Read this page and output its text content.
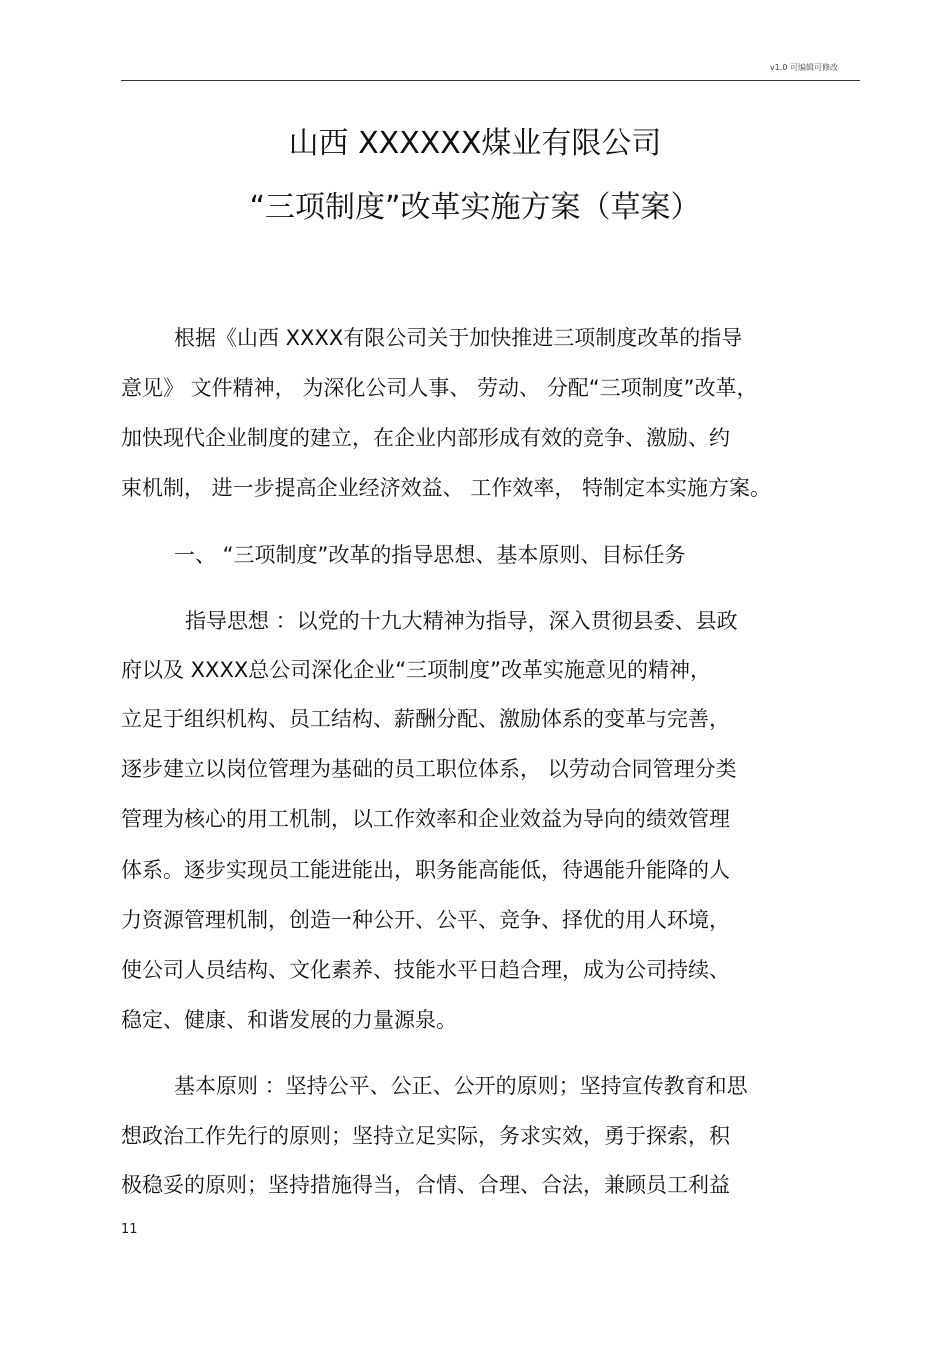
v1.0 可编辑可修改
山西 XXXXXX煤业有限公司
“三项制度”改革实施方案（草案）
根据《山西 XXXX有限公司关于加快推进三项制度改革的指导
意见》 文件精神， 为深化公司人事、 劳动、 分配“三项制度”改革，
加快现代企业制度的建立，在企业内部形成有效的竞争、激励、约
束机制， 进一步提高企业经济效益、 工作效率， 特制定本实施方案。
一、 “三项制度”改革的指导思想、基本原则、目标任务
指导思想 ：以党的十九大精神为指导，深入贯彻县委、县政
府以及 XXXX总公司深化企业“三项制度”改革实施意见的精神，
立足于组织机构、员工结构、薪酬分配、激励体系的变革与完善，
逐步建立以岗位管理为基础的员工职位体系， 以劳动合同管理分类
管理为核心的用工机制，以工作效率和企业效益为导向的绩效管理
体系。逐步实现员工能进能出，职务能高能低，待遇能升能降的人
力资源管理机制，创造一种公开、公平、竞争、择优的用人环境，
使公司人员结构、文化素养、技能水平日趋合理，成为公司持续、
稳定、健康、和谐发展的力量源泉。
基本原则 ：坚持公平、公正、公开的原则；坚持宣传教育和思
想政治工作先行的原则；坚持立足实际，务求实效，勇于探索，积
极稳妥的原则；坚持措施得当，合情、合理、合法，兼顾员工利益
11
